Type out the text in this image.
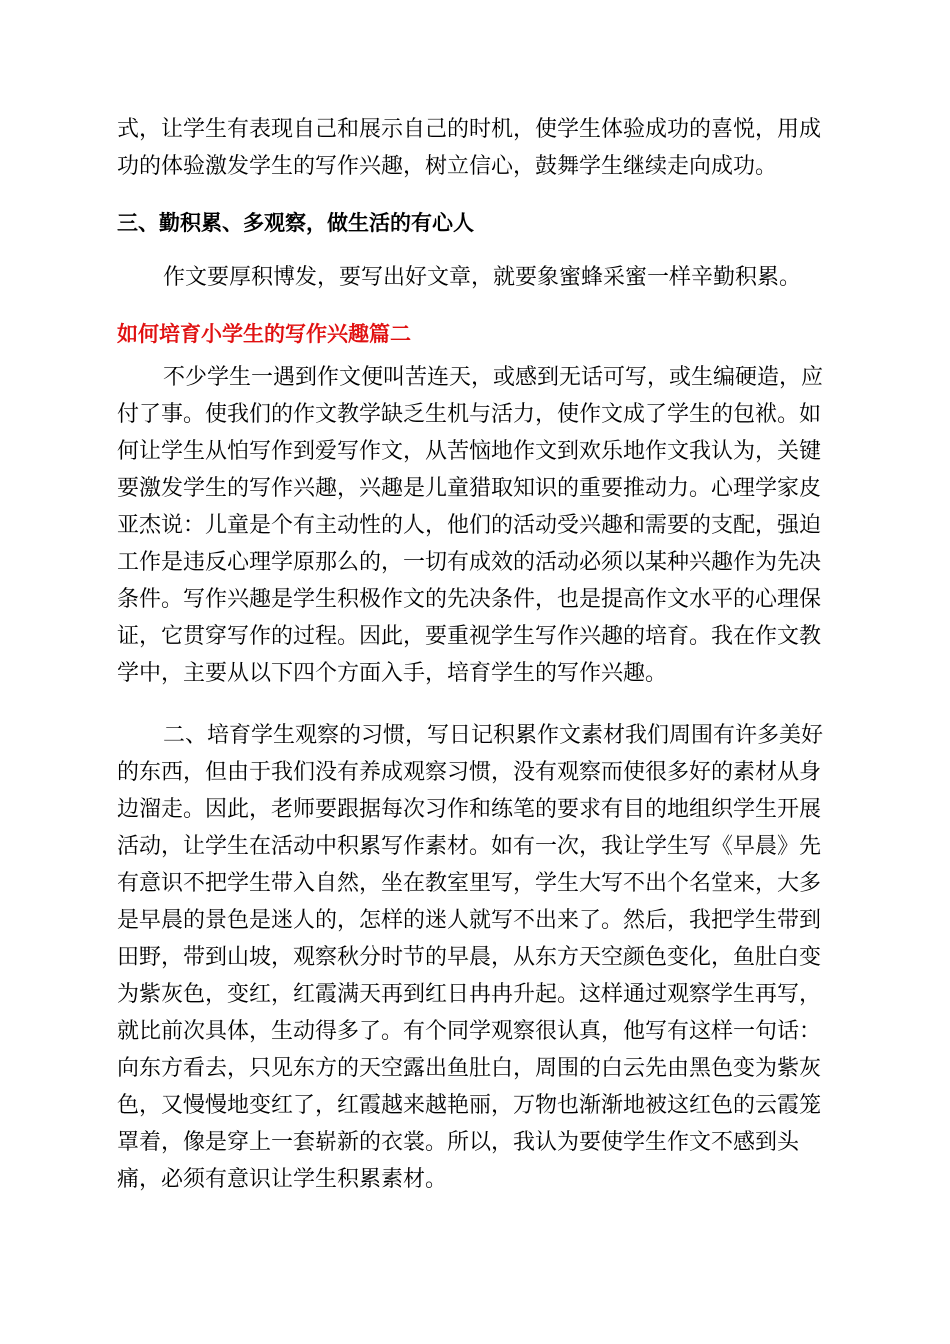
式，让学生有表现自己和展示自己的时机，使学生体验成功的喜悦，用成
功的体验激发学生的写作兴趣，树立信心，鼓舞学生继续走向成功。
三、勤积累、多观察，做生活的有心人
作文要厚积博发，要写出好文章，就要象蜜蜂采蜜一样辛勤积累。
如何培育小学生的写作兴趣篇二
不少学生一遇到作文便叫苦连天，或感到无话可写，或生编硬造，应
付了事。使我们的作文教学缺乏生机与活力，使作文成了学生的包袱。如
何让学生从怕写作到爱写作文，从苦恼地作文到欢乐地作文我认为，关键
要激发学生的写作兴趣，兴趣是儿童猎取知识的重要推动力。心理学家皮
亚杰说：儿童是个有主动性的人，他们的活动受兴趣和需要的支配，强迫
工作是违反心理学原那么的，一切有成效的活动必须以某种兴趣作为先决
条件。写作兴趣是学生积极作文的先决条件，也是提高作文水平的心理保
证，它贯穿写作的过程。因此，要重视学生写作兴趣的培育。我在作文教
学中，主要从以下四个方面入手，培育学生的写作兴趣。
二、培育学生观察的习惯，写日记积累作文素材我们周围有许多美好
的东西，但由于我们没有养成观察习惯，没有观察而使很多好的素材从身
边溜走。因此，老师要跟据每次习作和练笔的要求有目的地组织学生开展
活动，让学生在活动中积累写作素材。如有一次，我让学生写《早晨》先
有意识不把学生带入自然，坐在教室里写，学生大写不出个名堂来，大多
是早晨的景色是迷人的，怎样的迷人就写不出来了。然后，我把学生带到
田野，带到山坡，观察秋分时节的早晨，从东方天空颜色变化，鱼肚白变
为紫灰色，变红，红霞满天再到红日冉冉升起。这样通过观察学生再写，
就比前次具体，生动得多了。有个同学观察很认真，他写有这样一句话：
向东方看去，只见东方的天空露出鱼肚白，周围的白云先由黑色变为紫灰
色，又慢慢地变红了，红霞越来越艳丽，万物也渐渐地被这红色的云霞笼
罩着，像是穿上一套崭新的衣裳。所以，我认为要使学生作文不感到头
痛，必须有意识让学生积累素材。
